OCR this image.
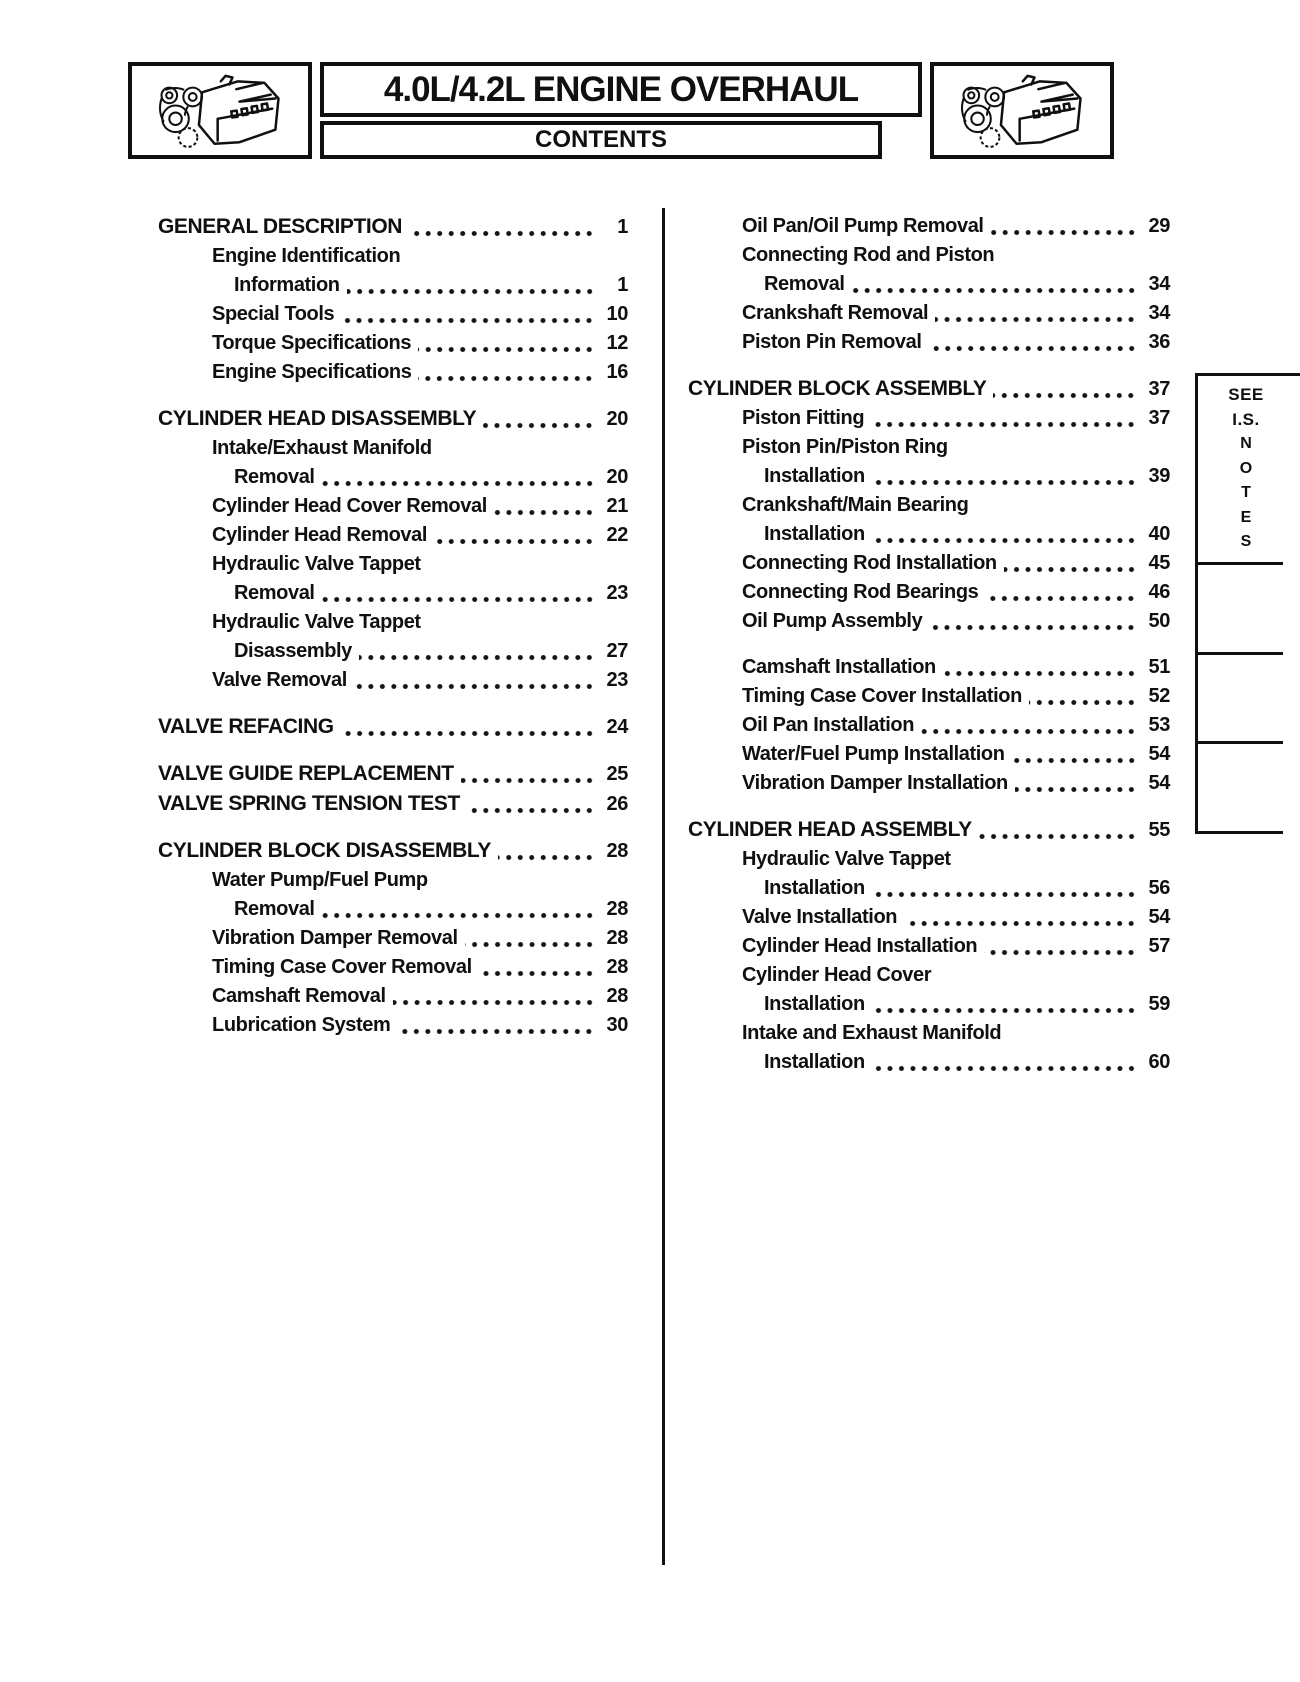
4.0L/4.2L ENGINE OVERHAUL
CONTENTS
GENERAL DESCRIPTION	1
Engine Identification
Information	1
Special Tools	10
Torque Specifications	12
Engine Specifications	16
CYLINDER HEAD DISASSEMBLY	20
Intake/Exhaust Manifold
Removal	20
Cylinder Head Cover Removal	21
Cylinder Head Removal	22
Hydraulic Valve Tappet
Removal	23
Hydraulic Valve Tappet
Disassembly	27
Valve Removal	23
VALVE REFACING	24
VALVE GUIDE REPLACEMENT	25
VALVE SPRING TENSION TEST	26
CYLINDER BLOCK DISASSEMBLY	28
Water Pump/Fuel Pump
Removal	28
Vibration Damper Removal	28
Timing Case Cover Removal	28
Camshaft Removal	28
Lubrication System	30
Oil Pan/Oil Pump Removal	29
Connecting Rod and Piston
Removal	34
Crankshaft Removal	34
Piston Pin Removal	36
CYLINDER BLOCK ASSEMBLY	37
Piston Fitting	37
Piston Pin/Piston Ring
Installation	39
Crankshaft/Main Bearing
Installation	40
Connecting Rod Installation	45
Connecting Rod Bearings	46
Oil Pump Assembly	50
Camshaft Installation	51
Timing Case Cover Installation	52
Oil Pan Installation	53
Water/Fuel Pump Installation	54
Vibration Damper Installation	54
CYLINDER HEAD ASSEMBLY	55
Hydraulic Valve Tappet
Installation	56
Valve Installation	54
Cylinder Head Installation	57
Cylinder Head Cover
Installation	59
Intake and Exhaust Manifold
Installation	60
SEE
I.S.
N
O
T
E
S
